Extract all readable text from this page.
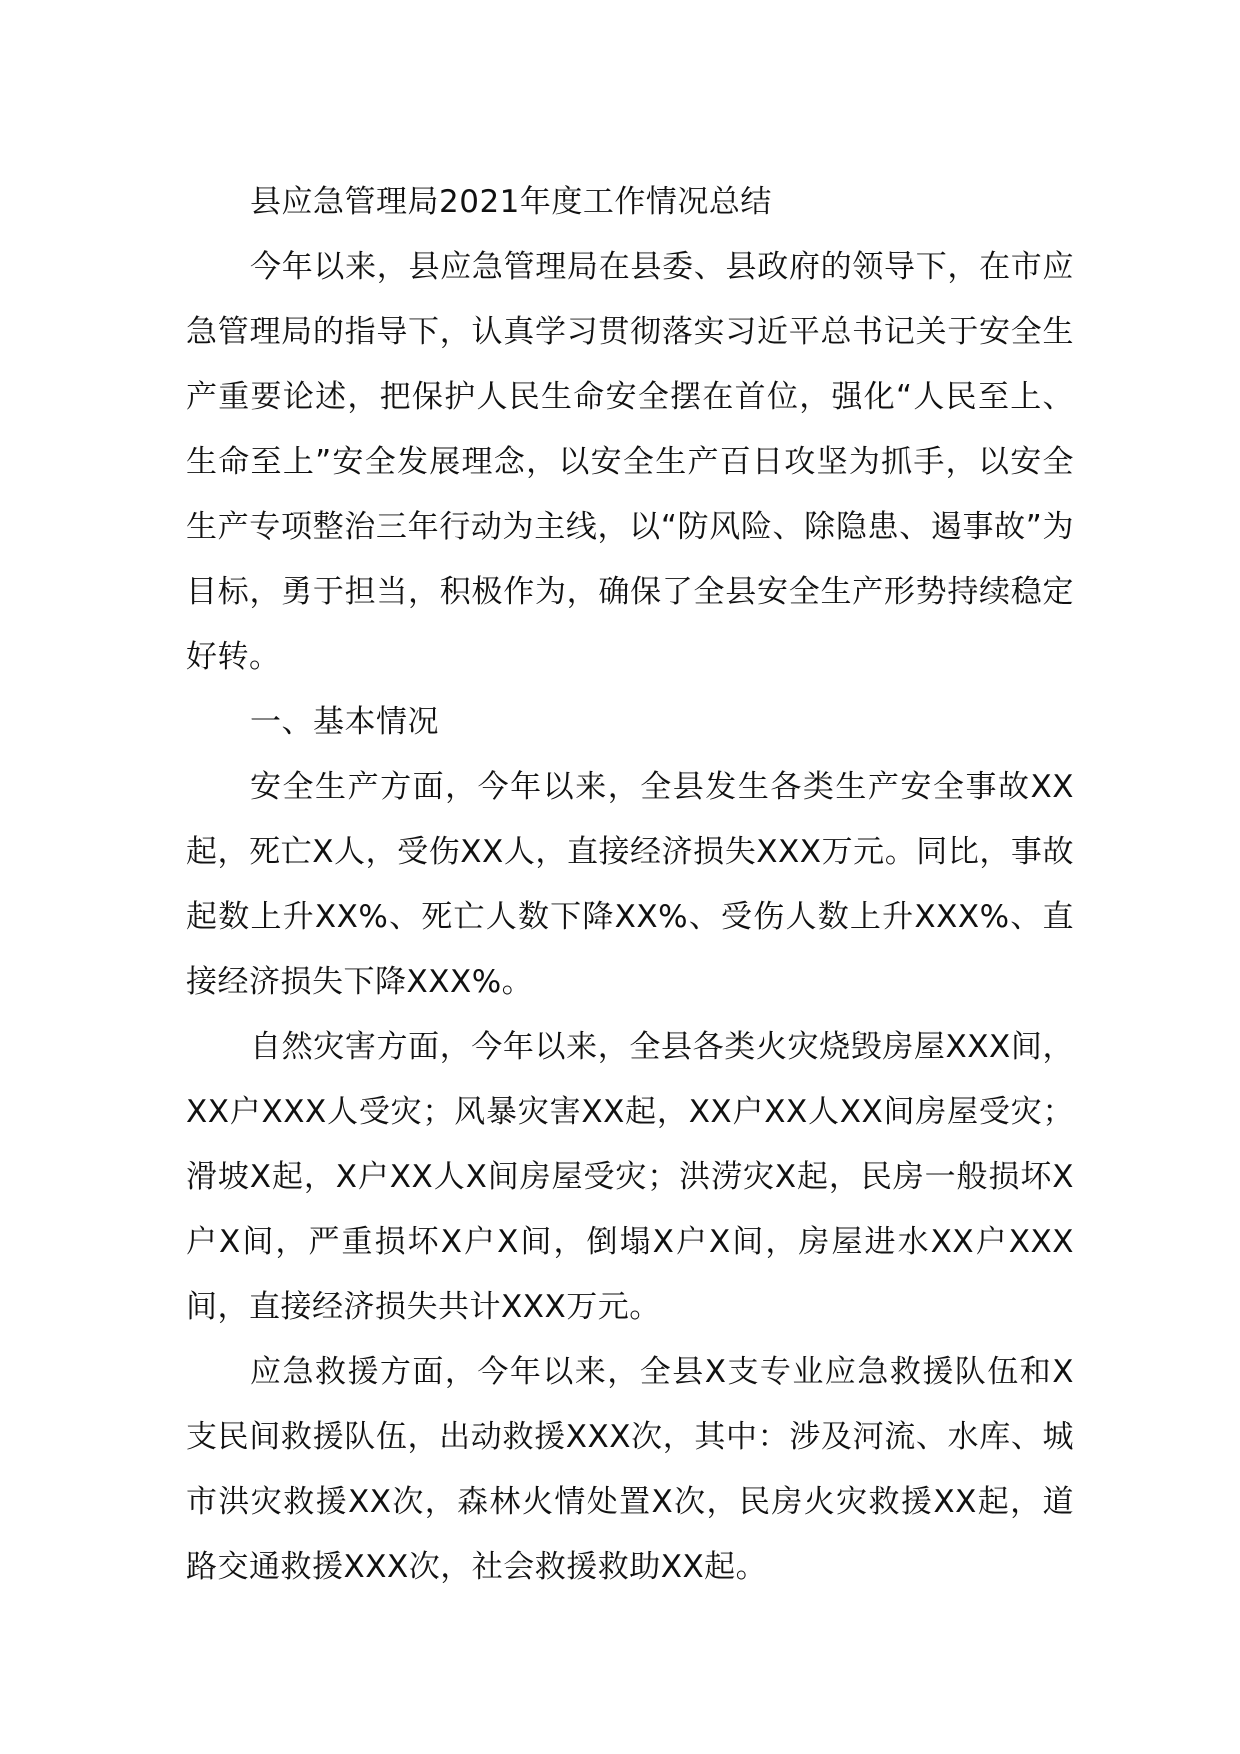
县应急管理局2021年度工作情况总结

今年以来，县应急管理局在县委、县政府的领导下，在市应急管理局的指导下，认真学习贯彻落实习近平总书记关于安全生产重要论述，把保护人民生命安全摆在首位，强化“人民至上、生命至上”安全发展理念，以安全生产百日攻坚为抓手，以安全生产专项整治三年行动为主线，以“防风险、除隐患、遏事故”为目标，勇于担当，积极作为，确保了全县安全生产形势持续稳定好转。

一、基本情况

安全生产方面，今年以来，全县发生各类生产安全事故XX起，死亡X人，受伤XX人，直接经济损失XXX万元。同比，事故起数上升XX%、死亡人数下降XX%、受伤人数上升XXX%、直接经济损失下降XXX%。

自然灾害方面，今年以来，全县各类火灾烧毁房屋XXX间，XX户XXX人受灾；风暴灾害XX起，XX户XX人XX间房屋受灾；滑坡X起，X户XX人X间房屋受灾；洪涝灾X起，民房一般损坏X户X间，严重损坏X户X间，倒塌X户X间，房屋进水XX户XXX间，直接经济损失共计XXX万元。

应急救援方面，今年以来，全县X支专业应急救援队伍和X支民间救援队伍，出动救援XXX次，其中：涉及河流、水库、城市洪灾救援XX次，森林火情处置X次，民房火灾救援XX起，道路交通救援XXX次，社会救援救助XX起。
